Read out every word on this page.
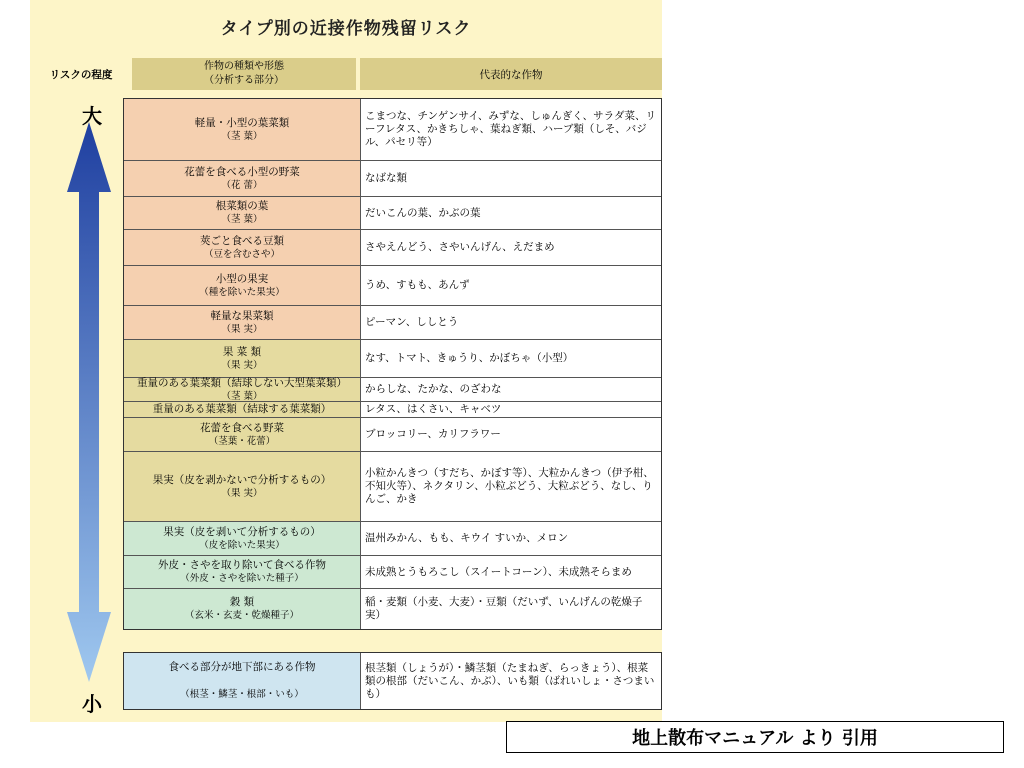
タイプ別の近接作物残留リスク
リスクの程度
作物の種類や形態
（分析する部分）	代表的な作物
大
小
軽量・小型の葉菜類
（茎 葉）
こまつな、チンゲンサイ、みずな、しゅんぎく、サラダ菜、リーフレタス、かきちしゃ、葉ねぎ類、ハーブ類（しそ、バジル、パセリ等）
花蕾を食べる小型の野菜
（花 蕾）
なばな類
根菜類の葉
（茎 葉）
だいこんの葉、かぶの葉
莢ごと食べる豆類
（豆を含むさや）
さやえんどう、さやいんげん、えだまめ
小型の果実
（種を除いた果実）
うめ、すもも、あんず
軽量な果菜類
（果 実）
ピーマン、ししとう
果 菜 類
（果 実）
なす、トマト、きゅうり、かぼちゃ（小型）
重量のある葉菜類（結球しない大型葉菜類）
（茎 葉）
からしな、たかな、のざわな
重量のある葉菜類（結球する葉菜類）	レタス、はくさい、キャベツ
花蕾を食べる野菜
（茎葉・花蕾）
ブロッコリー、カリフラワー
果実（皮を剥かないで分析するもの）
（果 実）
小粒かんきつ（すだち、かぼす等）、大粒かんきつ（伊予柑、不知火等）、ネクタリン、小粒ぶどう、大粒ぶどう、なし、りんご、かき
果実（皮を剥いて分析するもの）
（皮を除いた果実）
温州みかん、もも、キウイ すいか、メロン
外皮・さやを取り除いて食べる作物
（外皮・さやを除いた種子）
未成熟とうもろこし（スイートコーン）、未成熟そらまめ
穀 類
（玄米・玄麦・乾燥種子）
稲・麦類（小麦、大麦）・豆類（だいず、いんげんの乾燥子実）
食べる部分が地下部にある作物
（根茎・鱗茎・根部・いも）
根茎類（しょうが）・鱗茎類（たまねぎ、らっきょう）、根菜類の根部（だいこん、かぶ）、いも類（ばれいしょ・さつまいも）
地上散布マニュアル より 引用
